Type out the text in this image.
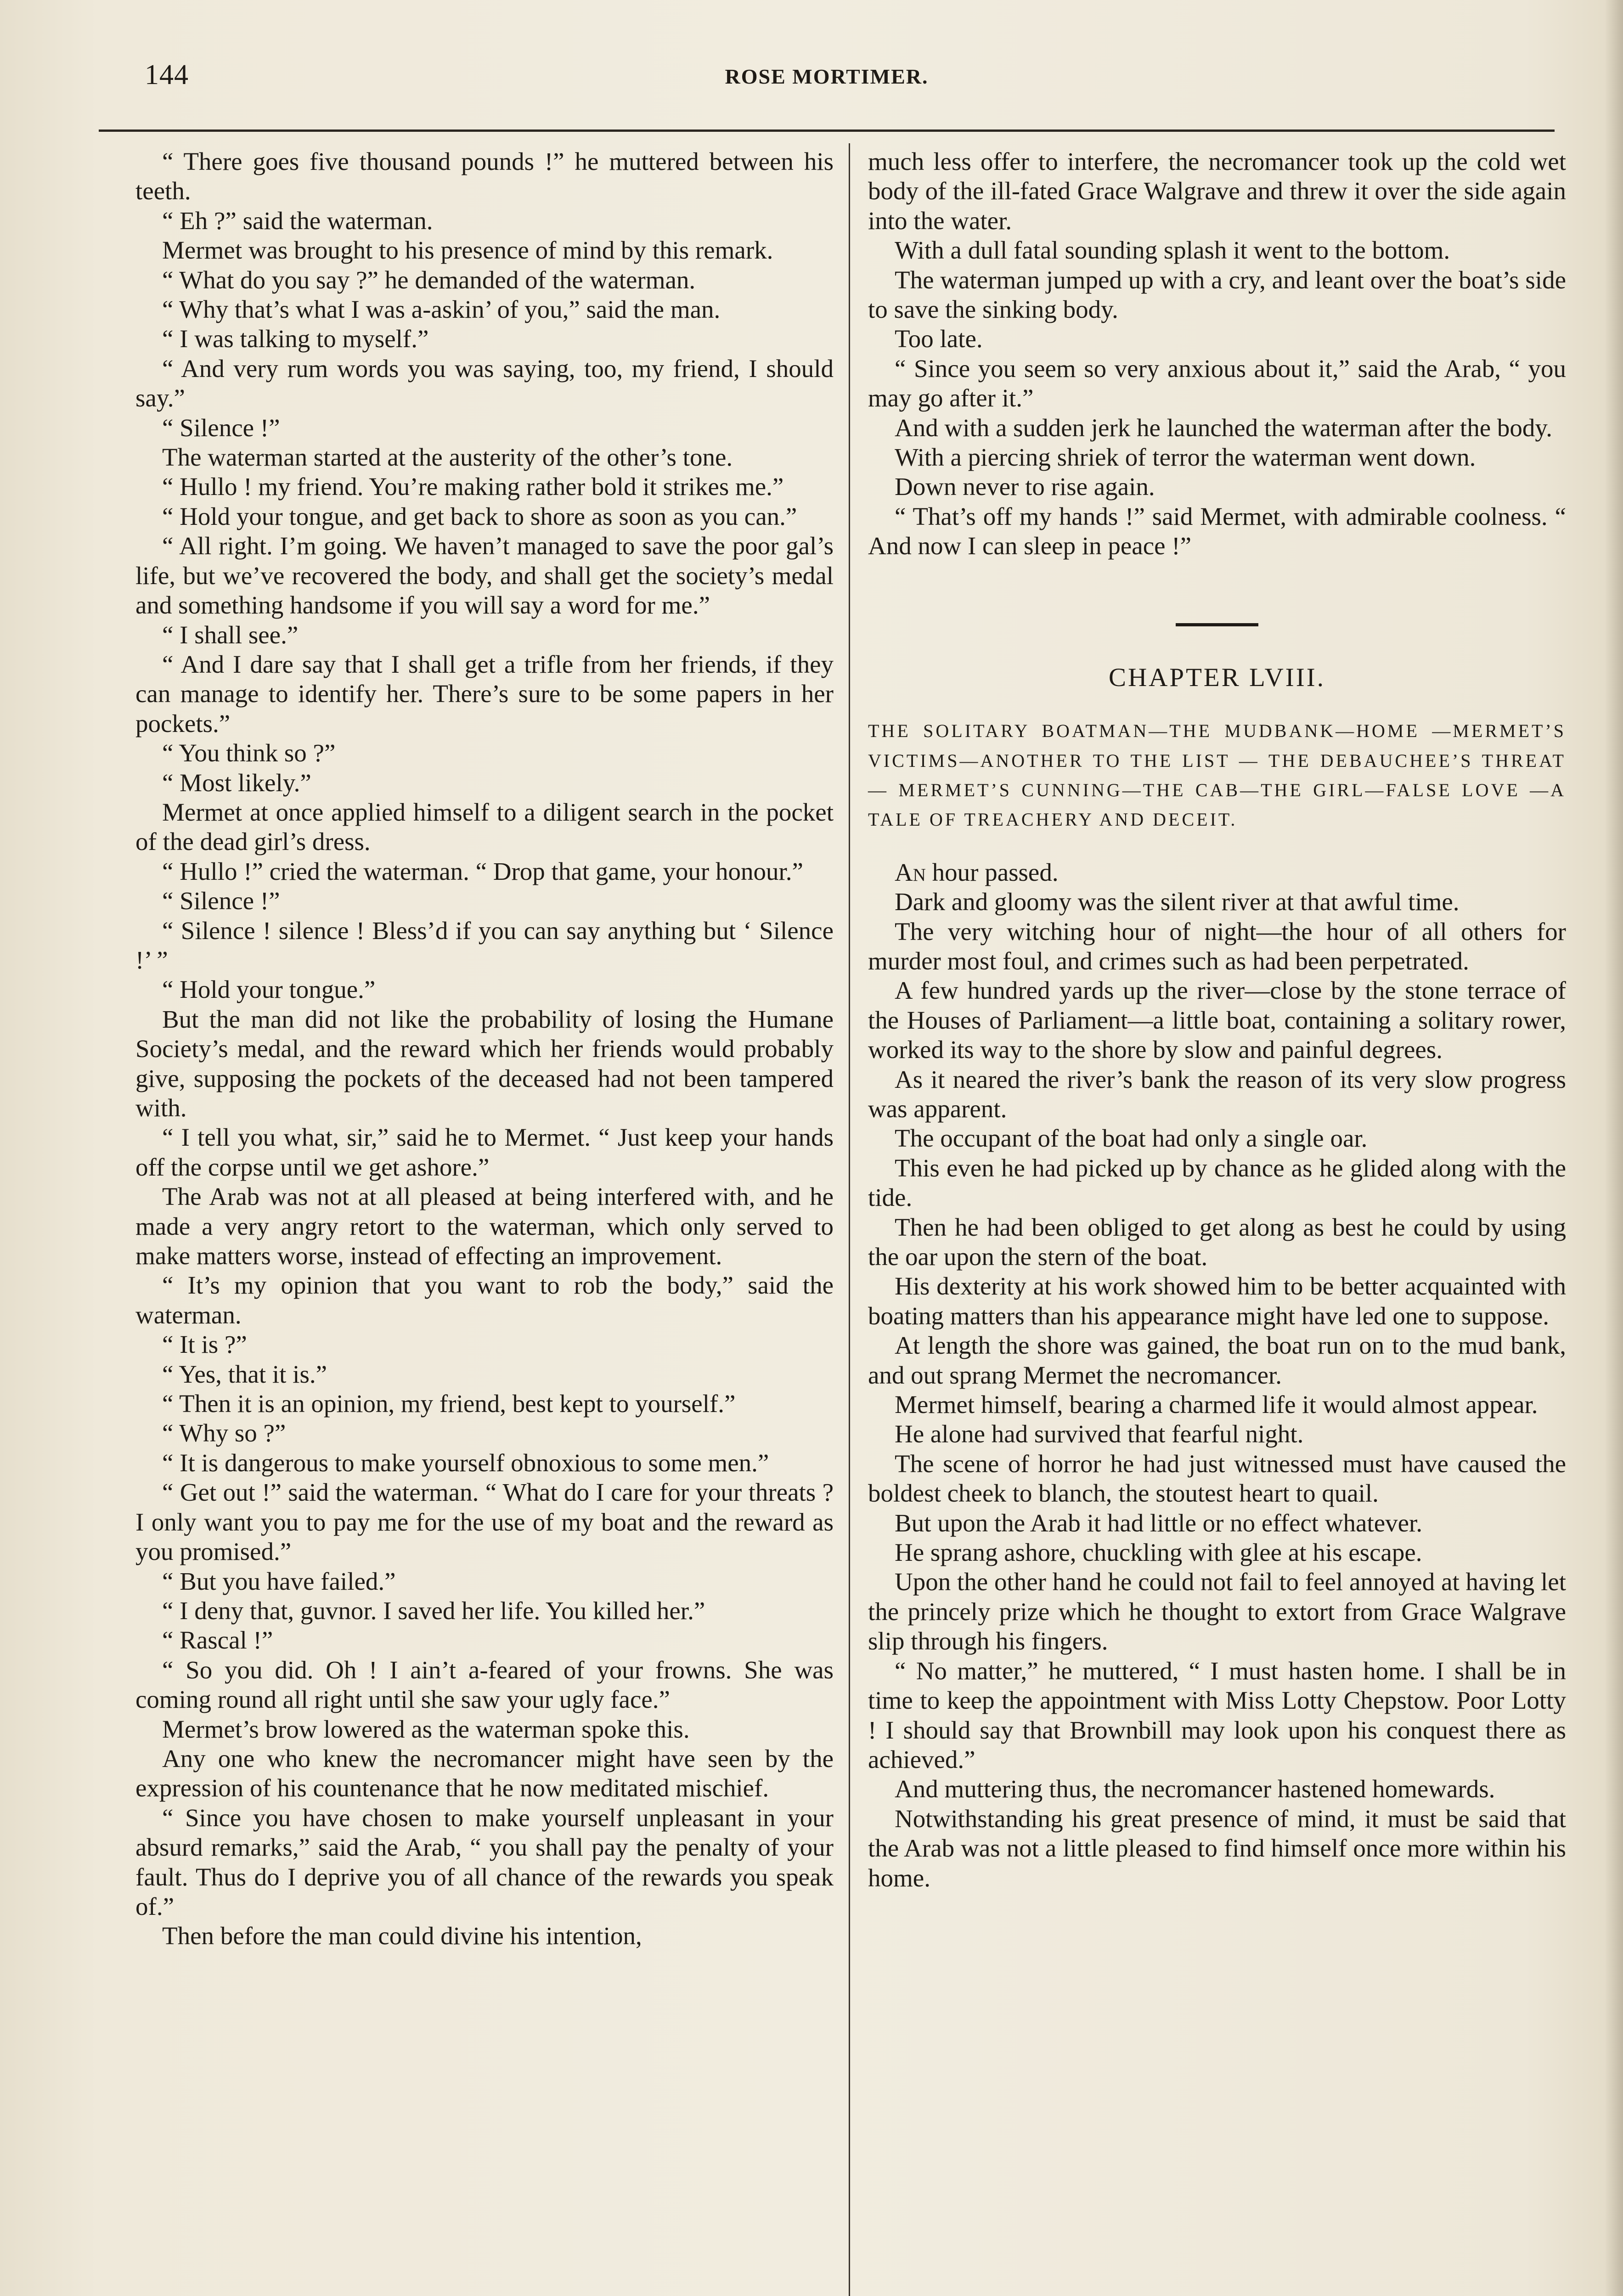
144	ROSE MORTIMER.

“ There goes five thousand pounds !” he muttered between his teeth.

“ Eh ?” said the waterman.

Mermet was brought to his presence of mind by this remark.

“ What do you say ?” he demanded of the waterman.

“ Why that’s what I was a-askin’ of you,” said the man.

“ I was talking to myself.”

“ And very rum words you was saying, too, my friend, I should say.”

“ Silence !”

The waterman started at the austerity of the other’s tone.

“ Hullo ! my friend. You’re making rather bold it strikes me.”

“ Hold your tongue, and get back to shore as soon as you can.”

“ All right. I’m going. We haven’t managed to save the poor gal’s life, but we’ve recovered the body, and shall get the society’s medal and something handsome if you will say a word for me.”

“ I shall see.”

“ And I dare say that I shall get a trifle from her friends, if they can manage to identify her. There’s sure to be some papers in her pockets.”

“ You think so ?”

“ Most likely.”

Mermet at once applied himself to a diligent search in the pocket of the dead girl’s dress.

“ Hullo !” cried the waterman. “ Drop that game, your honour.”

“ Silence !”

“ Silence ! silence ! Bless’d if you can say anything but ‘ Silence !’ ”

“ Hold your tongue.”

But the man did not like the probability of losing the Humane Society’s medal, and the reward which her friends would probably give, supposing the pockets of the deceased had not been tampered with.

“ I tell you what, sir,” said he to Mermet. “ Just keep your hands off the corpse until we get ashore.”

The Arab was not at all pleased at being interfered with, and he made a very angry retort to the waterman, which only served to make matters worse, instead of effecting an improvement.

“ It’s my opinion that you want to rob the body,” said the waterman.

“ It is ?”

“ Yes, that it is.”

“ Then it is an opinion, my friend, best kept to yourself.”

“ Why so ?”

“ It is dangerous to make yourself obnoxious to some men.”

“ Get out !” said the waterman. “ What do I care for your threats ? I only want you to pay me for the use of my boat and the reward as you promised.”

“ But you have failed.”

“ I deny that, guvnor. I saved her life. You killed her.”

“ Rascal !”

“ So you did. Oh ! I ain’t a-feared of your frowns. She was coming round all right until she saw your ugly face.”

Mermet’s brow lowered as the waterman spoke this.

Any one who knew the necromancer might have seen by the expression of his countenance that he now meditated mischief.

“ Since you have chosen to make yourself unpleasant in your absurd remarks,” said the Arab, “ you shall pay the penalty of your fault. Thus do I deprive you of all chance of the rewards you speak of.”

Then before the man could divine his intention,

much less offer to interfere, the necromancer took up the cold wet body of the ill-fated Grace Walgrave and threw it over the side again into the water.

With a dull fatal sounding splash it went to the bottom.

The waterman jumped up with a cry, and leant over the boat’s side to save the sinking body.

Too late.

“ Since you seem so very anxious about it,” said the Arab, “ you may go after it.”

And with a sudden jerk he launched the waterman after the body.

With a piercing shriek of terror the waterman went down.

Down never to rise again.

“ That’s off my hands !” said Mermet, with admirable coolness. “ And now I can sleep in peace !”

CHAPTER LVIII.
THE SOLITARY BOATMAN—THE MUDBANK—HOME —MERMET’S VICTIMS—ANOTHER TO THE LIST — THE DEBAUCHEE’S THREAT — MERMET’S CUNNING—THE CAB—THE GIRL—FALSE LOVE —A TALE OF TREACHERY AND DECEIT.

An hour passed.

Dark and gloomy was the silent river at that awful time.

The very witching hour of night—the hour of all others for murder most foul, and crimes such as had been perpetrated.

A few hundred yards up the river—close by the stone terrace of the Houses of Parliament—a little boat, containing a solitary rower, worked its way to the shore by slow and painful degrees.

As it neared the river’s bank the reason of its very slow progress was apparent.

The occupant of the boat had only a single oar.

This even he had picked up by chance as he glided along with the tide.

Then he had been obliged to get along as best he could by using the oar upon the stern of the boat.

His dexterity at his work showed him to be better acquainted with boating matters than his appearance might have led one to suppose.

At length the shore was gained, the boat run on to the mud bank, and out sprang Mermet the necromancer.

Mermet himself, bearing a charmed life it would almost appear.

He alone had survived that fearful night.

The scene of horror he had just witnessed must have caused the boldest cheek to blanch, the stoutest heart to quail.

But upon the Arab it had little or no effect whatever.

He sprang ashore, chuckling with glee at his escape.

Upon the other hand he could not fail to feel annoyed at having let the princely prize which he thought to extort from Grace Walgrave slip through his fingers.

“ No matter,” he muttered, “ I must hasten home. I shall be in time to keep the appointment with Miss Lotty Chepstow. Poor Lotty ! I should say that Brownbill may look upon his conquest there as achieved.”

And muttering thus, the necromancer hastened homewards.

Notwithstanding his great presence of mind, it must be said that the Arab was not a little pleased to find himself once more within his home.
